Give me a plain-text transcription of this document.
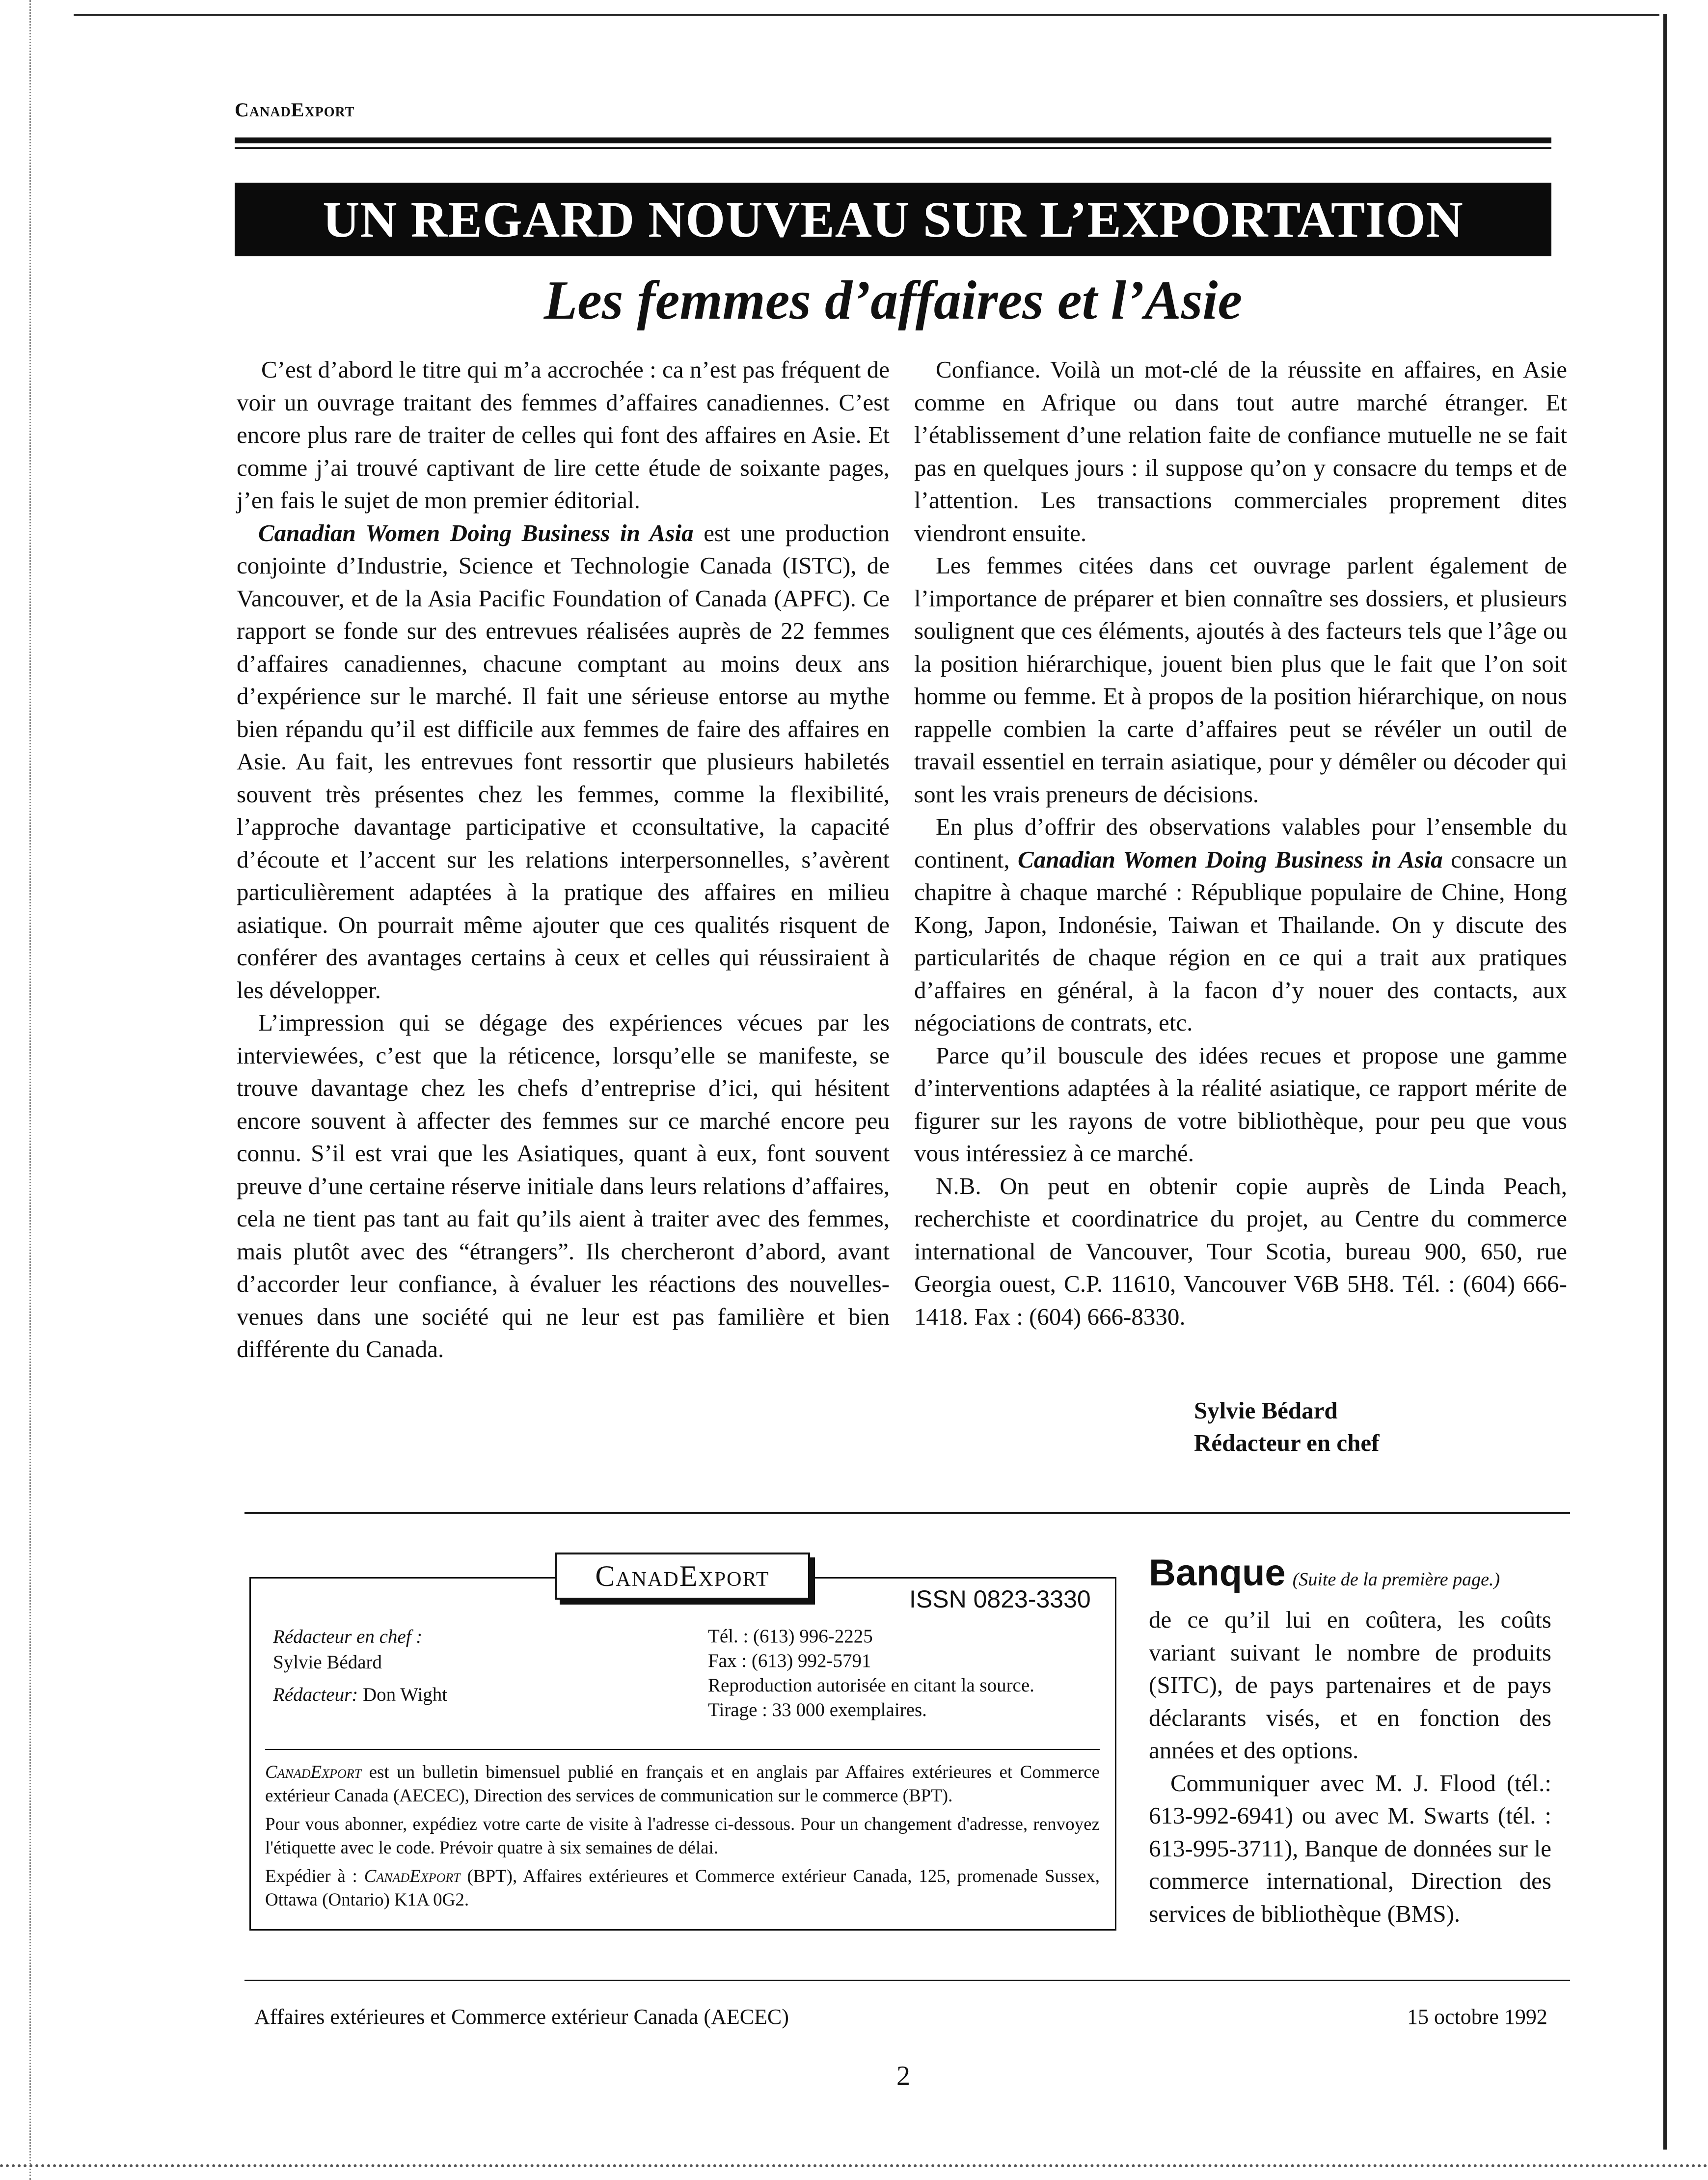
CanadExport
UN REGARD NOUVEAU SUR L’EXPORTATION
Les femmes d’affaires et l’Asie

C’est d’abord le titre qui m’a accrochée : ca n’est pas fréquent de voir un ouvrage traitant des femmes d’affaires canadiennes. C’est encore plus rare de traiter de celles qui font des affaires en Asie. Et comme j’ai trouvé captivant de lire cette étude de soixante pages, j’en fais le sujet de mon premier éditorial.

Canadian Women Doing Business in Asia est une production conjointe d’Industrie, Science et Technologie Canada (ISTC), de Vancouver, et de la Asia Pacific Foundation of Canada (APFC). Ce rapport se fonde sur des entrevues réalisées auprès de 22 femmes d’affaires canadiennes, chacune comptant au moins deux ans d’expérience sur le marché. Il fait une sérieuse entorse au mythe bien répandu qu’il est difficile aux femmes de faire des affaires en Asie. Au fait, les entrevues font ressortir que plusieurs habiletés souvent très présentes chez les femmes, comme la flexibilité, l’approche davantage participative et cconsultative, la capacité d’écoute et l’accent sur les relations interpersonnelles, s’avèrent particulièrement adaptées à la pratique des affaires en milieu asiatique. On pourrait même ajouter que ces qualités risquent de conférer des avantages certains à ceux et celles qui réussiraient à les développer.

L’impression qui se dégage des expériences vécues par les interviewées, c’est que la réticence, lorsqu’elle se manifeste, se trouve davantage chez les chefs d’entreprise d’ici, qui hésitent encore souvent à affecter des femmes sur ce marché encore peu connu. S’il est vrai que les Asiatiques, quant à eux, font souvent preuve d’une certaine réserve initiale dans leurs relations d’affaires, cela ne tient pas tant au fait qu’ils aient à traiter avec des femmes, mais plutôt avec des “étrangers”. Ils chercheront d’abord, avant d’accorder leur confiance, à évaluer les réactions des nouvelles-venues dans une société qui ne leur est pas familière et bien différente du Canada.

Confiance. Voilà un mot-clé de la réussite en affaires, en Asie comme en Afrique ou dans tout autre marché étranger. Et l’établissement d’une relation faite de confiance mutuelle ne se fait pas en quelques jours : il suppose qu’on y consacre du temps et de l’attention. Les transactions commerciales proprement dites viendront ensuite.

Les femmes citées dans cet ouvrage parlent également de l’importance de préparer et bien connaître ses dossiers, et plusieurs soulignent que ces éléments, ajoutés à des facteurs tels que l’âge ou la position hiérarchique, jouent bien plus que le fait que l’on soit homme ou femme. Et à propos de la position hiérarchique, on nous rappelle combien la carte d’affaires peut se révéler un outil de travail essentiel en terrain asiatique, pour y démêler ou décoder qui sont les vrais preneurs de décisions.

En plus d’offrir des observations valables pour l’ensemble du continent, Canadian Women Doing Business in Asia consacre un chapitre à chaque marché : République populaire de Chine, Hong Kong, Japon, Indonésie, Taiwan et Thailande. On y discute des particularités de chaque région en ce qui a trait aux pratiques d’affaires en général, à la facon d’y nouer des contacts, aux négociations de contrats, etc.

Parce qu’il bouscule des idées recues et propose une gamme d’interventions adaptées à la réalité asiatique, ce rapport mérite de figurer sur les rayons de votre bibliothèque, pour peu que vous vous intéressiez à ce marché.

N.B. On peut en obtenir copie auprès de Linda Peach, recherchiste et coordinatrice du projet, au Centre du commerce international de Vancouver, Tour Scotia, bureau 900, 650, rue Georgia ouest, C.P. 11610, Vancouver V6B 5H8. Tél. : (604) 666-1418. Fax : (604) 666-8330.

Sylvie Bédard
Rédacteur en chef
CanadExport
ISSN 0823-3330
Rédacteur en chef :
Sylvie Bédard
Rédacteur: Don Wight
Tél. : (613) 996-2225
Fax : (613) 992-5791
Reproduction autorisée en citant la source.
Tirage : 33 000 exemplaires.

CanadExport est un bulletin bimensuel publié en français et en anglais par Affaires extérieures et Commerce extérieur Canada (AECEC), Direction des services de communication sur le commerce (BPT).

Pour vous abonner, expédiez votre carte de visite à l'adresse ci-dessous. Pour un changement d'adresse, renvoyez l'étiquette avec le code. Prévoir quatre à six semaines de délai.

Expédier à : CanadExport (BPT), Affaires extérieures et Commerce extérieur Canada, 125, promenade Sussex, Ottawa (Ontario) K1A 0G2.

Banque (Suite de la première page.)

de ce qu’il lui en coûtera, les coûts variant suivant le nombre de produits (SITC), de pays partenaires et de pays déclarants visés, et en fonction des années et des options.

Communiquer avec M. J. Flood (tél.: 613-992-6941) ou avec M. Swarts (tél. : 613-995-3711), Banque de données sur le commerce international, Direction des services de bibliothèque (BMS).

Affaires extérieures et Commerce extérieur Canada (AECEC)	15 octobre 1992
2
